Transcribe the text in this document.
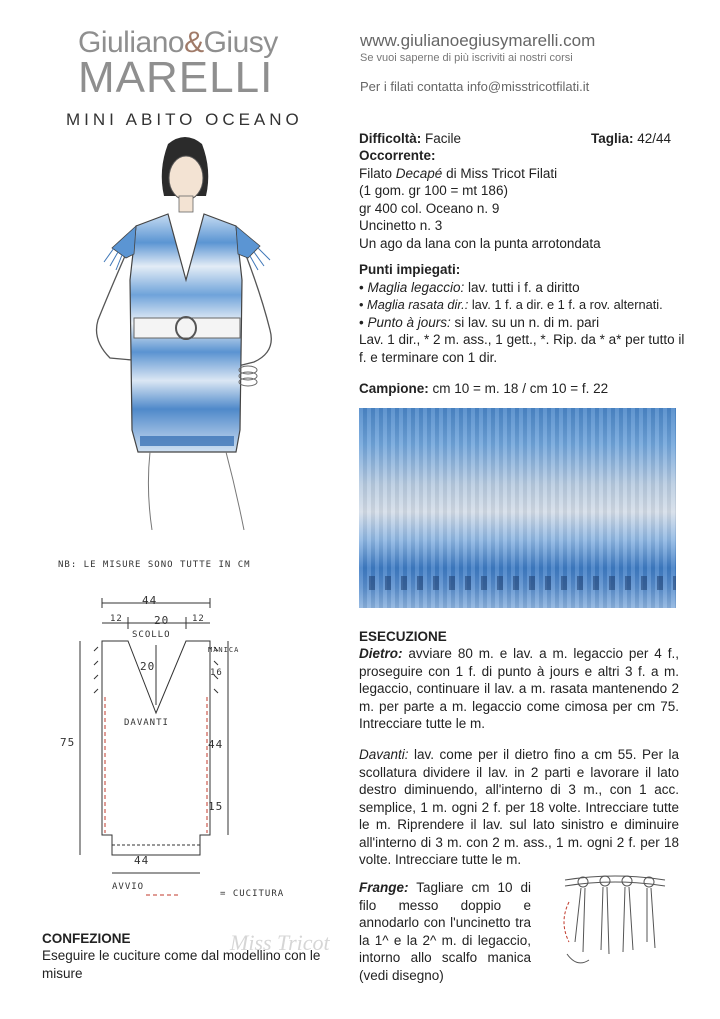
Giuliano&Giusy
MARELLI
MINI ABITO OCEANO
www.giulianoegiusymarelli.com
Se vuoi saperne di più iscriviti ai nostri corsi
Per i filati contatta info@misstricotfilati.it
NB: LE MISURE SONO TUTTE IN CM
44
12	20	12
SCOLLO
20	16
MANICA
DAVANTI
75	44
15
44
AVVIO
= CUCITURA
CONFEZIONE
Eseguire le cuciture come dal modellino con le misure
Miss Tricot
Difficoltà: Facile	Taglia: 42/44
Occorrente:
Filato Decapé di Miss Tricot Filati
(1 gom. gr 100 = mt 186)
gr 400 col. Oceano n. 9
Uncinetto n. 3
Un ago da lana con la punta arrotondata
Punti impiegati:
• Maglia legaccio: lav. tutti i f. a diritto
• Maglia rasata dir.: lav. 1 f. a dir. e 1 f. a rov. alternati.
• Punto à jours: si lav. su un n. di m. pari
Lav. 1 dir., * 2 m. ass., 1 gett., *. Rip. da * a* per tutto il f. e terminare con 1 dir.
Campione: cm 10 = m. 18 / cm 10 = f. 22
ESECUZIONE
Dietro: avviare 80 m. e lav. a m. legaccio per 4 f., proseguire con 1 f. di punto à jours e altri 3 f. a m. legaccio, continuare il lav. a m. rasata mantenendo 2 m. per parte a m. legaccio come cimosa per cm 75. Intrecciare tutte le m.
Davanti: lav. come per il dietro fino a cm 55. Per la scollatura dividere il lav. in 2 parti e lavorare il lato destro diminuendo, all'interno di 3 m., con 1 acc. semplice, 1 m. ogni 2 f. per 18 volte. Intrecciare tutte le m. Riprendere il lav. sul lato sinistro e diminuire all'interno di 3 m. con 2 m. ass., 1 m. ogni 2 f. per 18 volte. Intrecciare tutte le m.
Frange: Tagliare cm 10 di filo messo doppio e annodarlo con l'uncinetto tra la 1^ e la 2^ m. di legaccio, intorno allo scalfo manica (vedi disegno)
